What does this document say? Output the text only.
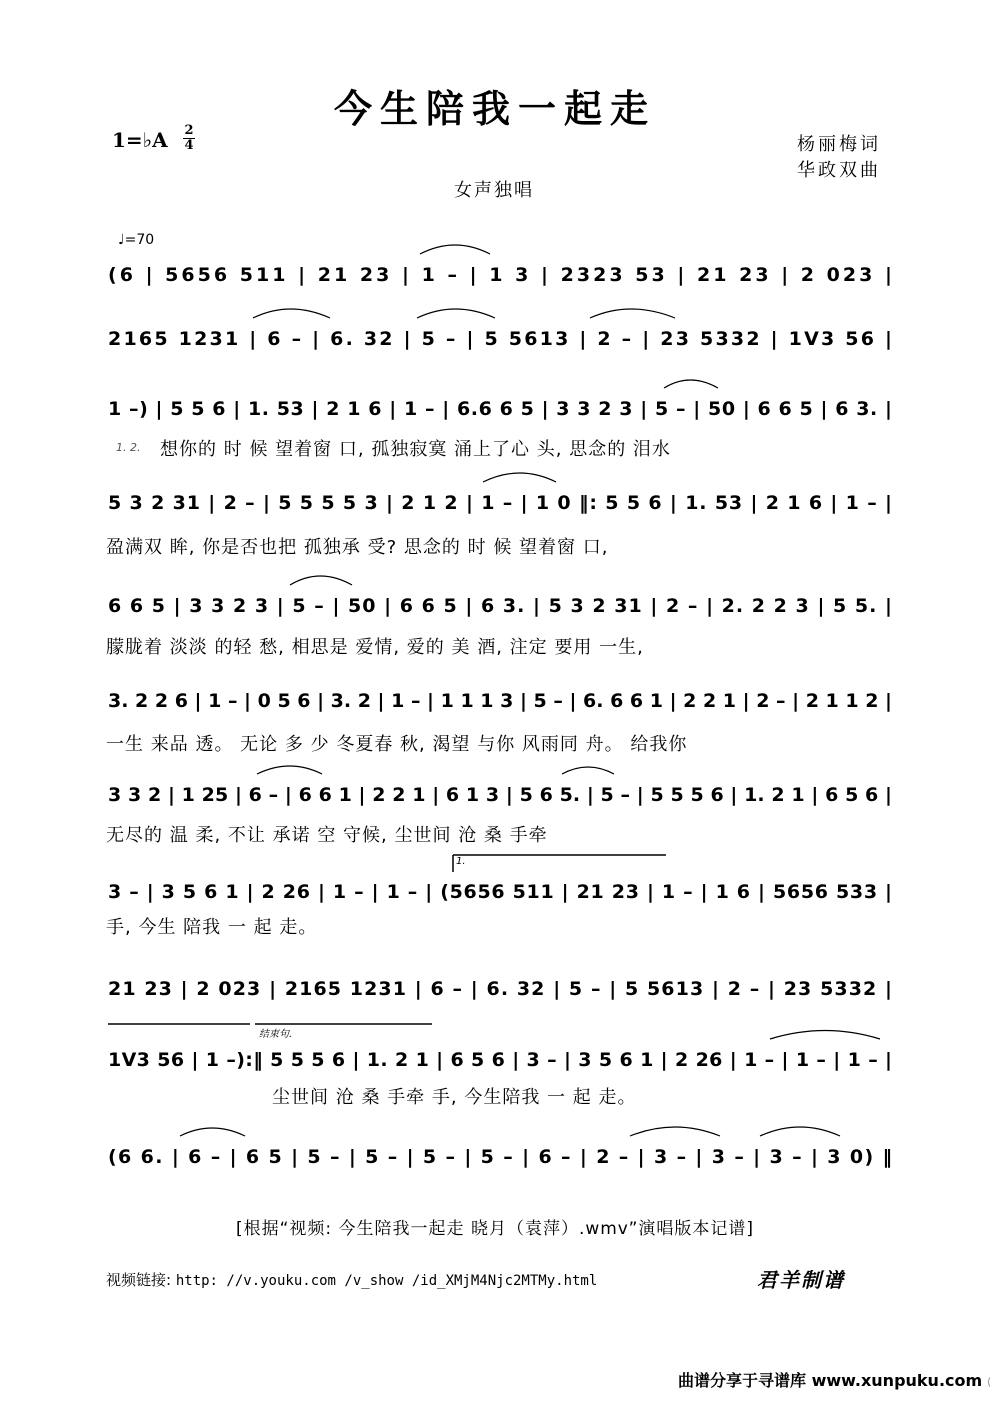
今生陪我一起走
1=♭A 2
4	杨丽梅词
华政双曲
女声独唱
♩=70
(6 | 5656 511 | 21 23 | 1 – | 1 3 | 2323 53 | 21 23 | 2 023 |
2165 1231 | 6 – | 6. 32 | 5 – | 5 5613 | 2 – | 23 5332 | 1V3 56 |
1 –) | 5 5 6 | 1. 53 | 2 1 6 | 1 – | 6.6 6 5 | 3 3 2 3 | 5 – | 50 | 6 6 5 | 6 3. |
5 3 2 31 | 2 – | 5 5 5 5 3 | 2 1 2 | 1 – | 1 0 ‖: 5 5 6 | 1. 53 | 2 1 6 | 1 – |
6 6 5 | 3 3 2 3 | 5 – | 50 | 6 6 5 | 6 3. | 5 3 2 31 | 2 – | 2. 2 2 3 | 5 5. |
3. 2 2 6 | 1 – | 0 5 6 | 3. 2 | 1 – | 1 1 1 3 | 5 – | 6. 6 6 1 | 2 2 1 | 2 – | 2 1 1 2 |
3 3 2 | 1 25 | 6 – | 6 6 1 | 2 2 1 | 6 1 3 | 5 6 5. | 5 – | 5 5 5 6 | 1. 2 1 | 6 5 6 |
3 – | 3 5 6 1 | 2 26 | 1 – | 1 – | (5656 511 | 21 23 | 1 – | 1 6 | 5656 533 |
21 23 | 2 023 | 2165 1231 | 6 – | 6. 32 | 5 – | 5 5613 | 2 – | 23 5332 |
1V3 56 | 1 –):‖ 5 5 5 6 | 1. 2 1 | 6 5 6 | 3 – | 3 5 6 1 | 2 26 | 1 – | 1 – | 1 – |
(6 6. | 6 – | 6 5 | 5 – | 5 – | 5 – | 5 – | 6 – | 2 – | 3 – | 3 – | 3 – | 3 0) ‖
1.
结束句.
1. 2. 想你的 时 候 望着窗 口, 孤独寂寞 涌上了心 头, 思念的 泪水
盈满双 眸, 你是否也把 孤独承 受? 思念的 时 候 望着窗 口,
朦胧着 淡淡 的轻 愁, 相思是 爱情, 爱的 美 酒, 注定 要用 一生,
一生 来品 透。 无论 多 少 冬夏春 秋, 渴望 与你 风雨同 舟。 给我你
无尽的 温 柔, 不让 承诺 空 守候, 尘世间 沧 桑 手牵
手, 今生 陪我 一 起 走。
尘世间 沧 桑 手牵 手, 今生陪我 一 起 走。
[根据“视频: 今生陪我一起走 晓月（袁萍）.wmv”演唱版本记谱]
视频链接: http: //v.youku.com /v_show /id_XMjM4Njc2MTMy.html	君羊制谱
曲谱分享于寻谱库 www.xunpuku.com
